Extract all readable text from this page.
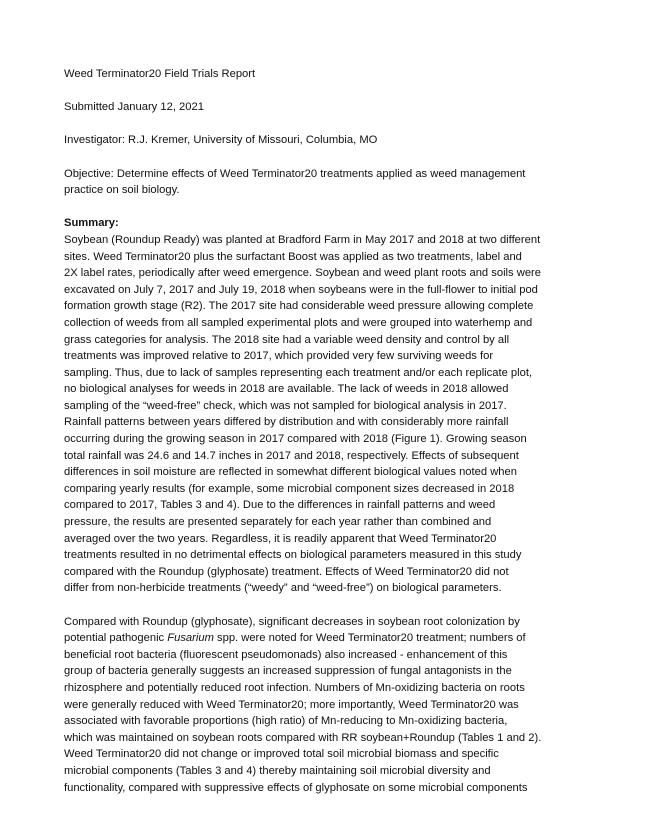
Weed Terminator20 Field Trials Report
Submitted January 12, 2021
Investigator: R.J. Kremer, University of Missouri, Columbia, MO
Objective: Determine effects of Weed Terminator20 treatments applied as weed management
practice on soil biology.
Summary:
Soybean (Roundup Ready) was planted at Bradford Farm in May 2017 and 2018 at two different
sites. Weed Terminator20 plus the surfactant Boost was applied as two treatments, label and
2X label rates, periodically after weed emergence. Soybean and weed plant roots and soils were
excavated on July 7, 2017 and July 19, 2018 when soybeans were in the full-flower to initial pod
formation growth stage (R2). The 2017 site had considerable weed pressure allowing complete
collection of weeds from all sampled experimental plots and were grouped into waterhemp and
grass categories for analysis. The 2018 site had a variable weed density and control by all
treatments was improved relative to 2017, which provided very few surviving weeds for
sampling. Thus, due to lack of samples representing each treatment and/or each replicate plot,
no biological analyses for weeds in 2018 are available. The lack of weeds in 2018 allowed
sampling of the “weed-free” check, which was not sampled for biological analysis in 2017.
Rainfall patterns between years differed by distribution and with considerably more rainfall
occurring during the growing season in 2017 compared with 2018 (Figure 1). Growing season
total rainfall was 24.6 and 14.7 inches in 2017 and 2018, respectively. Effects of subsequent
differences in soil moisture are reflected in somewhat different biological values noted when
comparing yearly results (for example, some microbial component sizes decreased in 2018
compared to 2017, Tables 3 and 4). Due to the differences in rainfall patterns and weed
pressure, the results are presented separately for each year rather than combined and
averaged over the two years. Regardless, it is readily apparent that Weed Terminator20
treatments resulted in no detrimental effects on biological parameters measured in this study
compared with the Roundup (glyphosate) treatment. Effects of Weed Terminator20 did not
differ from non-herbicide treatments (“weedy” and “weed-free”) on biological parameters.
Compared with Roundup (glyphosate), significant decreases in soybean root colonization by
potential pathogenic Fusarium spp. were noted for Weed Terminator20 treatment; numbers of
beneficial root bacteria (fluorescent pseudomonads) also increased - enhancement of this
group of bacteria generally suggests an increased suppression of fungal antagonists in the
rhizosphere and potentially reduced root infection. Numbers of Mn-oxidizing bacteria on roots
were generally reduced with Weed Terminator20; more importantly, Weed Terminator20 was
associated with favorable proportions (high ratio) of Mn-reducing to Mn-oxidizing bacteria,
which was maintained on soybean roots compared with RR soybean+Roundup (Tables 1 and 2).
Weed Terminator20 did not change or improved total soil microbial biomass and specific
microbial components (Tables 3 and 4) thereby maintaining soil microbial diversity and
functionality, compared with suppressive effects of glyphosate on some microbial components
